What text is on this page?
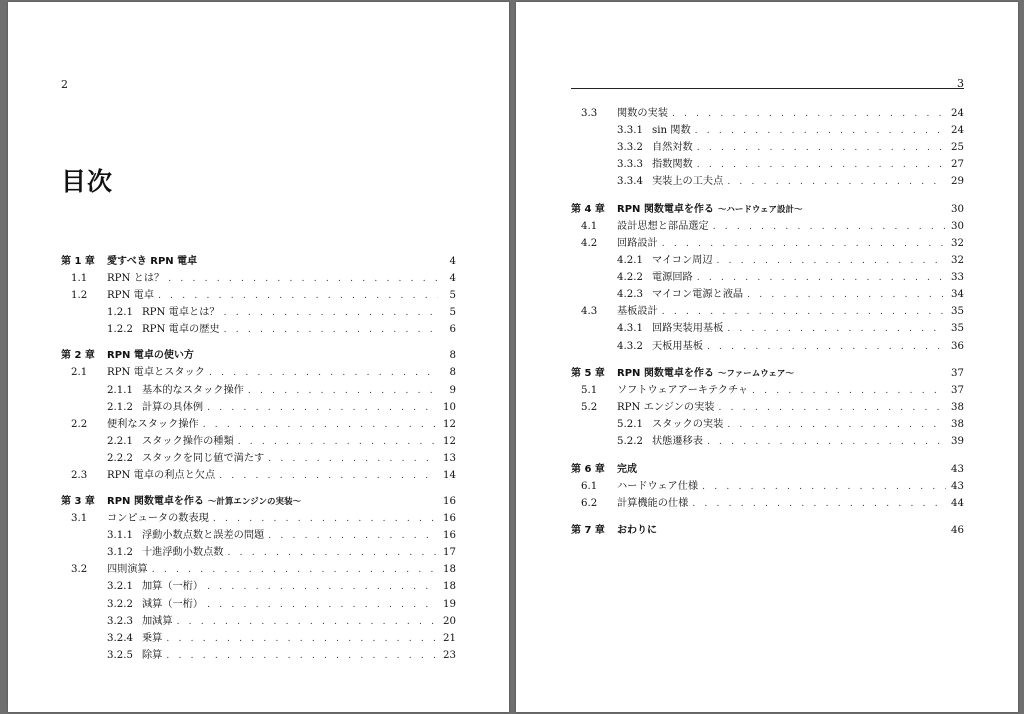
2
目次
第 1 章	愛すべき RPN 電卓	4
1.1	RPN とは？ . . .	4
1.2	RPN 電卓 . . .	5
1.2.1 RPN 電卓とは？ . . .	5
1.2.2 RPN 電卓の歴史 . . .	6
第 2 章	RPN 電卓の使い方	8
2.1	RPN 電卓とスタック . . .	8
2.1.1 基本的なスタック操作 . . .	9
2.1.2 計算の具体例 . . .	10
2.2	便利なスタック操作 . . .	12
2.2.1 スタック操作の種類 . . .	12
2.2.2 スタックを同じ値で満たす . . .	13
2.3	RPN 電卓の利点と欠点 . . .	14
第 3 章	RPN 関数電卓を作る 〜計算エンジンの実装〜	16
3.1	コンピュータの数表現 . . .	16
3.1.1 浮動小数点数と誤差の問題 . . .	16
3.1.2 十進浮動小数点数 . . .	17
3.2	四則演算 . . .	18
3.2.1 加算（一桁） . . .	18
3.2.2 減算（一桁） . . .	19
3.2.3 加減算 . . .	20
3.2.4 乗算 . . .	21
3.2.5 除算 . . .	23
3
3.3	関数の実装 . . .	24
3.3.1 sin 関数 . . .	24
3.3.2 自然対数 . . .	25
3.3.3 指数関数 . . .	27
3.3.4 実装上の工夫点 . . .	29
第 4 章	RPN 関数電卓を作る 〜ハードウェア設計〜	30
4.1	設計思想と部品選定 . . .	30
4.2	回路設計 . . .	32
4.2.1 マイコン周辺 . . .	32
4.2.2 電源回路 . . .	33
4.2.3 マイコン電源と液晶 . . .	34
4.3	基板設計 . . .	35
4.3.1 回路実装用基板 . . .	35
4.3.2 天板用基板 . . .	36
第 5 章	RPN 関数電卓を作る 〜ファームウェア〜	37
5.1	ソフトウェアアーキテクチャ . . .	37
5.2	RPN エンジンの実装 . . .	38
5.2.1 スタックの実装 . . .	38
5.2.2 状態遷移表 . . .	39
第 6 章	完成	43
6.1	ハードウェア仕様 . . .	43
6.2	計算機能の仕様 . . .	44
第 7 章	おわりに	46
